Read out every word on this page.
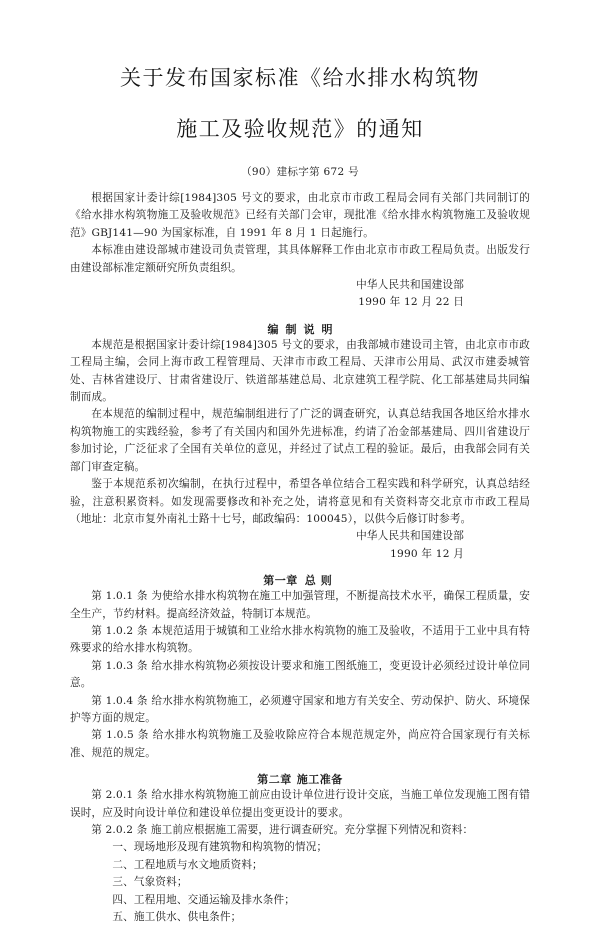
关于发布国家标准《给水排水构筑物
施工及验收规范》的通知
（90）建标字第 672 号

根据国家计委计综[1984]305 号文的要求，由北京市市政工程局会同有关部门共同制订的《给水排水构筑物施工及验收规范》已经有关部门会审，现批准《给水排水构筑物施工及验收规范》GBJ141—90 为国家标准，自 1991 年 8 月 1 日起施行。

本标准由建设部城市建设司负责管理，其具体解释工作由北京市市政工程局负责。出版发行由建设部标准定额研究所负责组织。

中华人民共和国建设部

1990 年 12 月 22 日

编制说明

本规范是根据国家计委计综[1984]305 号文的要求，由我部城市建设司主管，由北京市市政工程局主编，会同上海市政工程管理局、天津市市政工程局、天津市公用局、武汉市建委城管处、吉林省建设厅、甘肃省建设厅、铁道部基建总局、北京建筑工程学院、化工部基建局共同编制而成。

在本规范的编制过程中，规范编制组进行了广泛的调查研究，认真总结我国各地区给水排水构筑物施工的实践经验，参考了有关国内和国外先进标准，约请了冶金部基建局、四川省建设厅参加讨论，广泛征求了全国有关单位的意见，并经过了试点工程的验证。最后，由我部会同有关部门审查定稿。

鉴于本规范系初次编制，在执行过程中，希望各单位结合工程实践和科学研究，认真总结经验，注意积累资料。如发现需要修改和补充之处，请将意见和有关资料寄交北京市市政工程局（地址：北京市复外南礼士路十七号，邮政编码：100045），以供今后修订时参考。

中华人民共和国建设部

1990 年 12 月

第一章 总则

第 1.0.1 条 为使给水排水构筑物在施工中加强管理，不断提高技术水平，确保工程质量，安全生产，节约材料。提高经济效益，特制订本规范。

第 1.0.2 条 本规范适用于城镇和工业给水排水构筑物的施工及验收，不适用于工业中具有特殊要求的给水排水构筑物。

第 1.0.3 条 给水排水构筑物必须按设计要求和施工图纸施工，变更设计必须经过设计单位同意。

第 1.0.4 条 给水排水构筑物施工，必须遵守国家和地方有关安全、劳动保护、防火、环境保护等方面的规定。

第 1.0.5 条 给水排水构筑物施工及验收除应符合本规范规定外，尚应符合国家现行有关标准、规范的规定。

第二章 施工准备

第 2.0.1 条 给水排水构筑物施工前应由设计单位进行设计交底，当施工单位发现施工图有错误时，应及时向设计单位和建设单位提出变更设计的要求。

第 2.0.2 条 施工前应根据施工需要，进行调查研究。充分掌握下列情况和资料：

一、现场地形及现有建筑物和构筑物的情况；

二、工程地质与水文地质资料；

三、气象资料；

四、工程用地、交通运输及排水条件；

五、施工供水、供电条件；
